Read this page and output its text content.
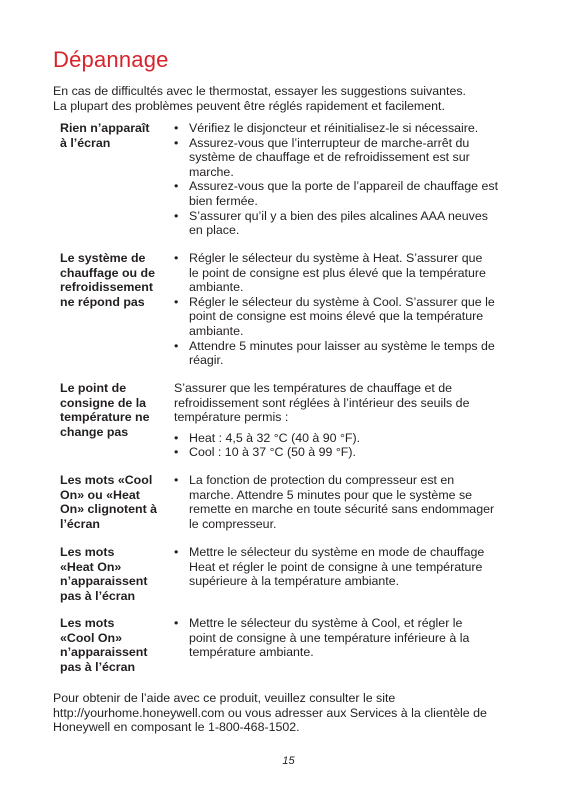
Dépannage

En cas de difficultés avec le thermostat, essayer les suggestions suivantes.

La plupart des problèmes peuvent être réglés rapidement et facilement.

Rien n’apparaît
à l’écran
• Vérifiez le disjoncteur et réinitialisez-le si nécessaire.
• Assurez-vous que l’interrupteur de marche-arrêt du
système de chauffage et de refroidissement est sur
marche.
• Assurez-vous que la porte de l’appareil de chauffage est
bien fermée.
• S’assurer qu’il y a bien des piles alcalines AAA neuves
en place.
Le système de
chauffage ou de
refroidissement
ne répond pas
• Régler le sélecteur du système à Heat. S’assurer que
le point de consigne est plus élevé que la température
ambiante.
• Régler le sélecteur du système à Cool. S’assurer que le
point de consigne est moins élevé que la température
ambiante.
• Attendre 5 minutes pour laisser au système le temps de
réagir.
Le point de
consigne de la
température ne
change pas
S’assurer que les températures de chauffage et de
refroidissement sont réglées à l’intérieur des seuils de
température permis :
• Heat : 4,5 à 32 °C (40 à 90 °F).
• Cool : 10 à 37 °C (50 à 99 °F).
Les mots «Cool
On» ou «Heat
On» clignotent à
l’écran
• La fonction de protection du compresseur est en
marche. Attendre 5 minutes pour que le système se
remette en marche en toute sécurité sans endommager
le compresseur.
Les mots
«Heat On»
n’apparaissent
pas à l’écran
• Mettre le sélecteur du système en mode de chauffage
Heat et régler le point de consigne à une température
supérieure à la température ambiante.
Les mots
«Cool On»
n’apparaissent
pas à l’écran
• Mettre le sélecteur du système à Cool, et régler le
point de consigne à une température inférieure à la
température ambiante.

Pour obtenir de l’aide avec ce produit, veuillez consulter le site

http://yourhome.honeywell.com ou vous adresser aux Services à la clientèle de

Honeywell en composant le 1-800-468-1502.

15
